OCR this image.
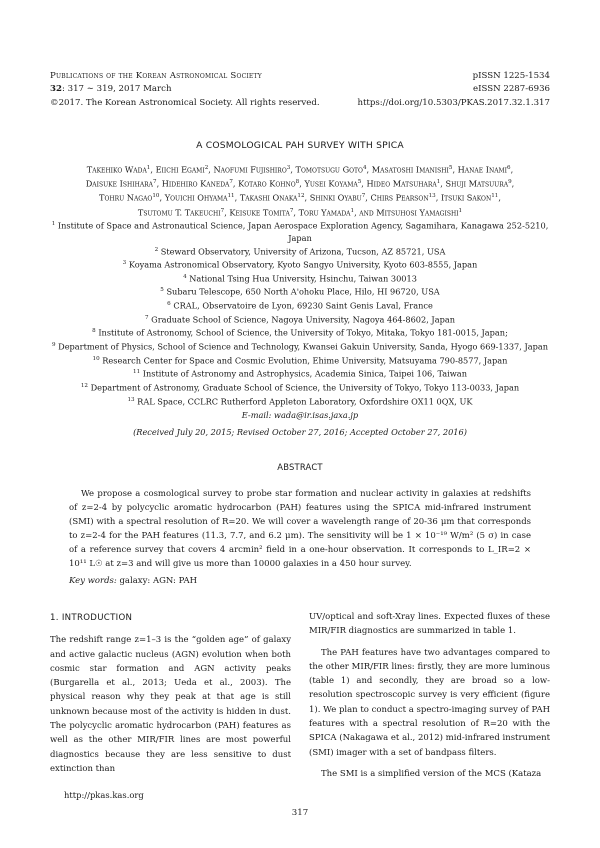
Publications of the Korean Astronomical Society
32: 317 ∼ 319, 2017 March
©2017. The Korean Astronomical Society. All rights reserved.
pISSN 1225-1534
eISSN 2287-6936
https://doi.org/10.5303/PKAS.2017.32.1.317
A COSMOLOGICAL PAH SURVEY WITH SPICA
Takehiko Wada$^1$, Eiichi Egami$^2$, Naofumi Fujishiro$^3$, Tomotsugu Goto$^4$, Masatoshi Imanishi$^5$, Hanae Inami$^6$,
Daisuke Ishihara$^7$, Hidehiro Kaneda$^7$, Kotaro Kohno$^8$, Yusei Koyama$^5$, Hideo Matsuhara$^1$, Shuji Matsuura$^9$,
Tohru Nagao$^{10}$, Youichi Ohyama$^{11}$, Takashi Onaka$^{12}$, Shinki Oyabu$^7$, Chirs Pearson$^{13}$, Itsuki Sakon$^{11}$,
Tsutomu T. Takeuchi$^7$, Keisuke Tomita$^7$, Toru Yamada$^1$, and Mitsuhosi Yamagishi$^1$
$^1$ Institute of Space and Astronautical Science, Japan Aerospace Exploration Agency, Sagamihara, Kanagawa 252-5210,
Japan
$^2$ Steward Observatory, University of Arizona, Tucson, AZ 85721, USA
$^3$ Koyama Astronomical Observatory, Kyoto Sangyo University, Kyoto 603-8555, Japan
$^4$ National Tsing Hua University, Hsinchu, Taiwan 30013
$^5$ Subaru Telescope, 650 North A'ohoku Place, Hilo, HI 96720, USA
$^6$ CRAL, Observatoire de Lyon, 69230 Saint Genis Laval, France
$^7$ Graduate School of Science, Nagoya University, Nagoya 464-8602, Japan
$^8$ Institute of Astronomy, School of Science, the University of Tokyo, Mitaka, Tokyo 181-0015, Japan;
$^9$ Department of Physics, School of Science and Technology, Kwansei Gakuin University, Sanda, Hyogo 669-1337, Japan
$^{10}$ Research Center for Space and Cosmic Evolution, Ehime University, Matsuyama 790-8577, Japan
$^{11}$ Institute of Astronomy and Astrophysics, Academia Sinica, Taipei 106, Taiwan
$^{12}$ Department of Astronomy, Graduate School of Science, the University of Tokyo, Tokyo 113-0033, Japan
$^{13}$ RAL Space, CCLRC Rutherford Appleton Laboratory, Oxfordshire OX11 0QX, UK
E-mail: wada@ir.isas.jaxa.jp
(Received July 20, 2015; Revised October 27, 2016; Accepted October 27, 2016)
ABSTRACT

We propose a cosmological survey to probe star formation and nuclear activity in galaxies at redshifts of z=2-4 by polycyclic aromatic hydrocarbon (PAH) features using the SPICA mid-infrared instrument (SMI) with a spectral resolution of R=20. We will cover a wavelength range of 20-36 μm that corresponds to z=2-4 for the PAH features (11.3, 7.7, and 6.2 μm). The sensitivity will be 1 × 10⁻¹⁹ W/m² (5 σ) in case of a reference survey that covers 4 arcmin² field in a one-hour observation. It corresponds to L_IR=2 × 10¹¹ L☉ at z=3 and will give us more than 10000 galaxies in a 450 hour survey.

Key words: galaxy: AGN: PAH
1. INTRODUCTION

The redshift range z=1–3 is the “golden age” of galaxy and active galactic nucleus (AGN) evolution when both cosmic star formation and AGN activity peaks (Burgarella et al., 2013; Ueda et al., 2003). The physical reason why they peak at that age is still unknown because most of the activity is hidden in dust. The polycyclic aromatic hydrocarbon (PAH) features as well as the other MIR/FIR lines are most powerful diagnostics because they are less sensitive to dust extinction than

UV/optical and soft-Xray lines. Expected fluxes of these MIR/FIR diagnostics are summarized in table 1.

The PAH features have two advantages compared to the other MIR/FIR lines: firstly, they are more luminous (table 1) and secondly, they are broad so a low-resolution spectroscopic survey is very efficient (figure 1). We plan to conduct a spectro-imaging survey of PAH features with a spectral resolution of R=20 with the SPICA (Nakagawa et al., 2012) mid-infrared instrument (SMI) imager with a set of bandpass filters.

The SMI is a simplified version of the MCS (Kataza

http://pkas.kas.org
317
